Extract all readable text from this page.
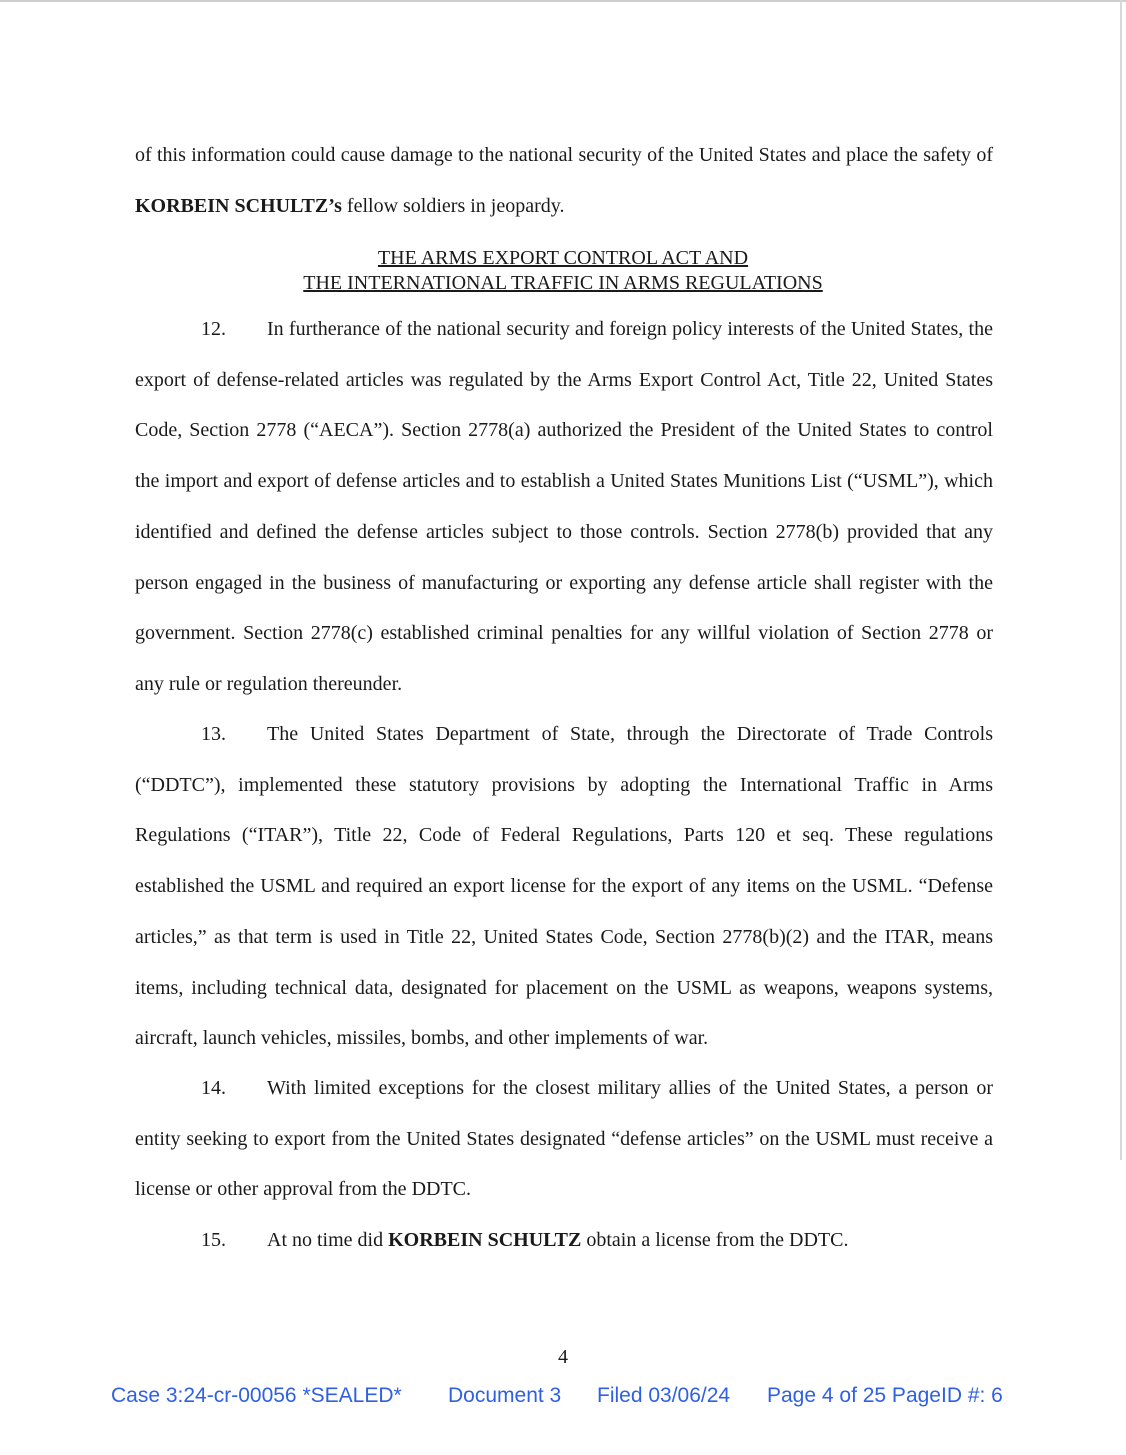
of this information could cause damage to the national security of the United States and place the safety of KORBEIN SCHULTZ’s fellow soldiers in jeopardy.

THE ARMS EXPORT CONTROL ACT AND

THE INTERNATIONAL TRAFFIC IN ARMS REGULATIONS

12. In furtherance of the national security and foreign policy interests of the United States, the export of defense-related articles was regulated by the Arms Export Control Act, Title 22, United States Code, Section 2778 (“AECA”). Section 2778(a) authorized the President of the United States to control the import and export of defense articles and to establish a United States Munitions List (“USML”), which identified and defined the defense articles subject to those controls. Section 2778(b) provided that any person engaged in the business of manufacturing or exporting any defense article shall register with the government. Section 2778(c) established criminal penalties for any willful violation of Section 2778 or any rule or regulation thereunder.

13. The United States Department of State, through the Directorate of Trade Controls (“DDTC”), implemented these statutory provisions by adopting the International Traffic in Arms Regulations (“ITAR”), Title 22, Code of Federal Regulations, Parts 120 et seq. These regulations established the USML and required an export license for the export of any items on the USML. “Defense articles,” as that term is used in Title 22, United States Code, Section 2778(b)(2) and the ITAR, means items, including technical data, designated for placement on the USML as weapons, weapons systems, aircraft, launch vehicles, missiles, bombs, and other implements of war.

14. With limited exceptions for the closest military allies of the United States, a person or entity seeking to export from the United States designated “defense articles” on the USML must receive a license or other approval from the DDTC.

15. At no time did KORBEIN SCHULTZ obtain a license from the DDTC.

4
Case 3:24-cr-00056 *SEALED* Document 3 Filed 03/06/24 Page 4 of 25 PageID #: 6
